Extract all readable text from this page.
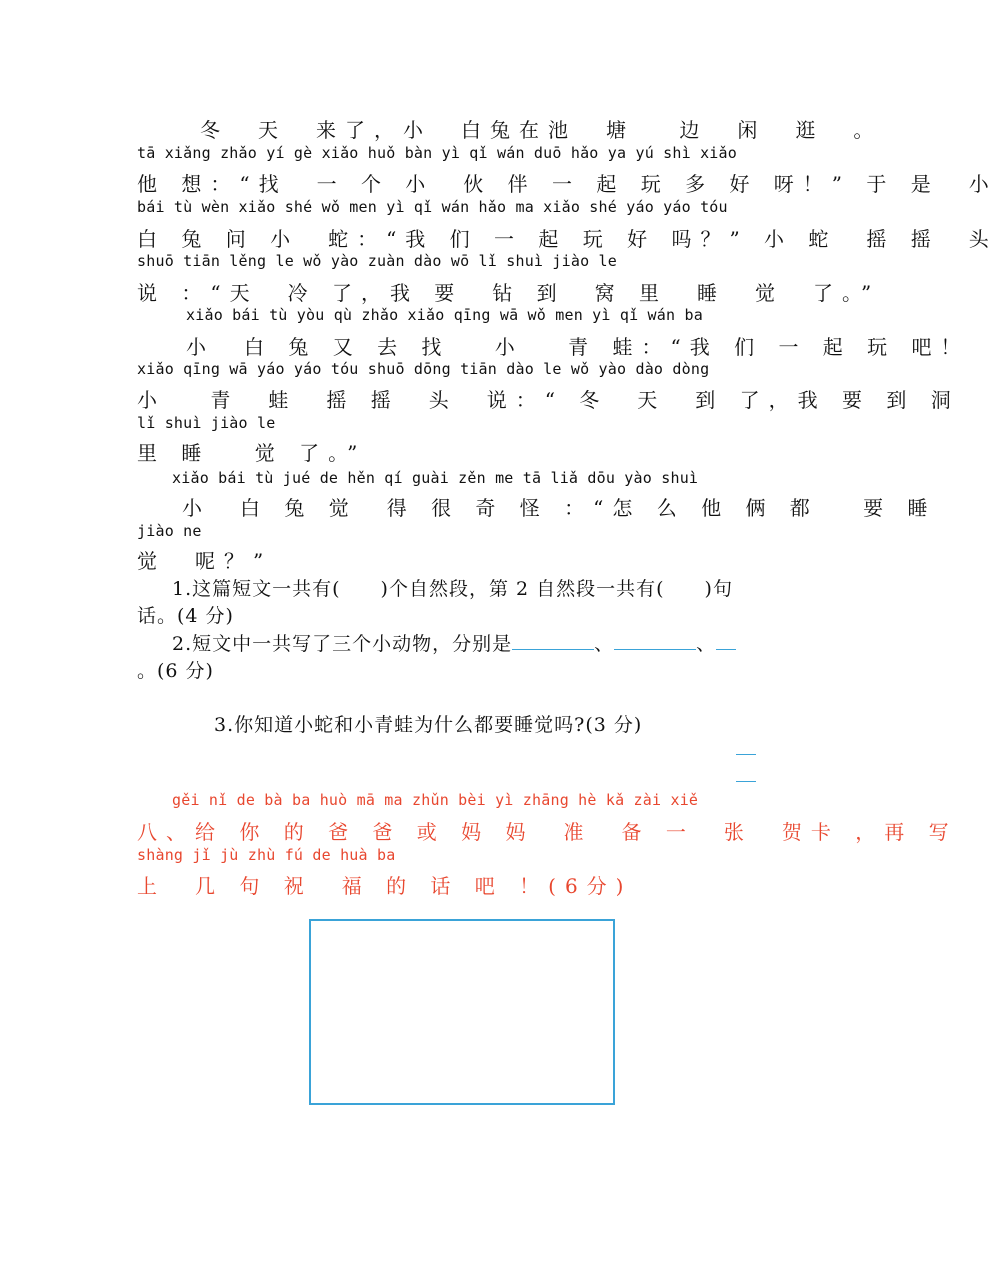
冬　天　来了，小　白兔在池　塘　 边　闲　逛　。
tā xiǎng zhǎo yí gè xiǎo huǒ bàn yì qǐ wán duō hǎo ya yú shì xiǎo
他 想：“找　一 个 小　伙 伴 一 起 玩 多 好 呀！” 于 是　小
bái tù wèn xiǎo shé wǒ men yì qǐ wán hǎo ma xiǎo shé yáo yáo tóu
白 兔 问 小　蛇：“我 们 一 起 玩 好 吗？” 小 蛇　摇 摇　头
shuō tiān lěng le wǒ yào zuàn dào wō lǐ shuì jiào le
说 ：“天　冷 了，我 要　钻 到　窝 里　睡　觉　了。”
xiǎo bái tù yòu qù zhǎo xiǎo qīng wā wǒ men yì qǐ wán ba
小　白 兔 又 去 找　 小　 青 蛙：“我 们 一 起 玩 吧！
xiǎo qīng wā yáo yáo tóu shuō dōng tiān dào le wǒ yào dào dòng
小　 青　蛙　摇 摇　头　说：“ 冬　天　到 了，我 要 到 洞
lǐ shuì jiào le
里 睡　 觉 了。”
xiǎo bái tù jué de hěn qí guài zěn me tā liǎ dōu yào shuì
小　白 兔 觉　得 很 奇 怪 ：“怎 么 他 俩 都　 要 睡
jiào ne
觉　呢？”
1.这篇短文一共有(　　)个自然段，第 2 自然段一共有(　　)句
话。(4 分)
2.短文中一共写了三个小动物，分别是	、	、
。(6 分)
3.你知道小蛇和小青蛙为什么都要睡觉吗?(3 分)
gěi nǐ de bà ba huò mā ma zhǔn bèi yì zhāng hè kǎ zài xiě
八、给 你 的 爸 爸 或 妈 妈　准　备 一　张　贺卡 ，再 写
shàng jǐ jù zhù fú de huà ba
上　几 句 祝　福 的 话 吧 ！(6分)
